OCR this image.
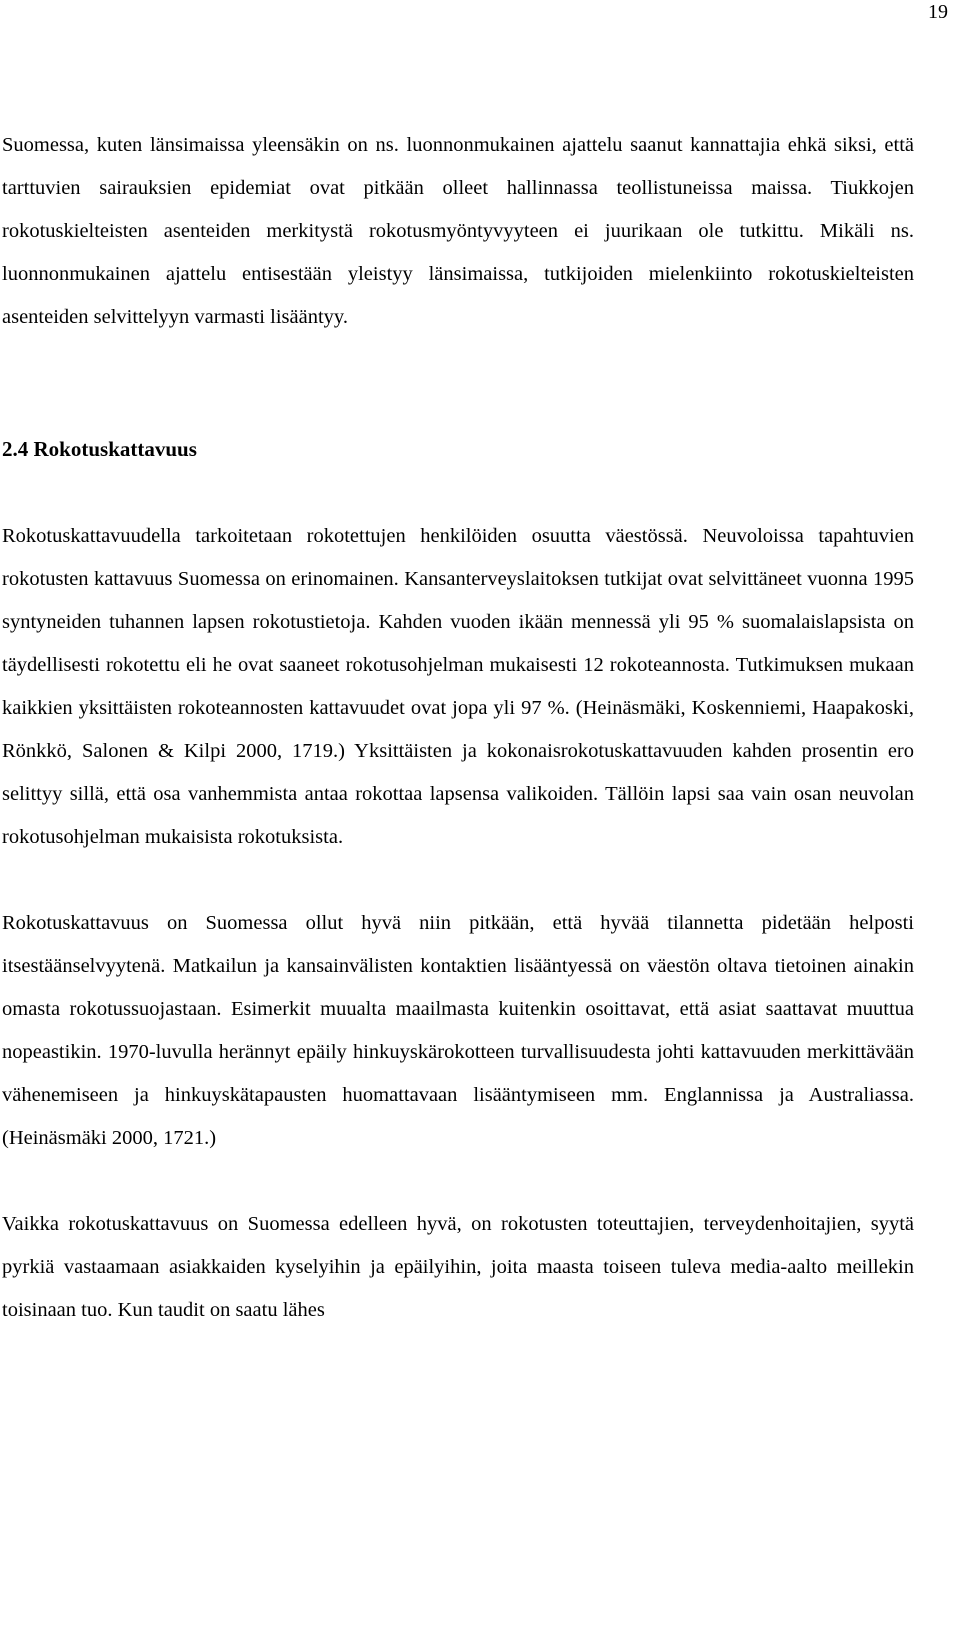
19

Suomessa, kuten länsimaissa yleensäkin on ns. luonnonmukainen ajattelu saanut kannattajia ehkä siksi, että tarttuvien sairauksien epidemiat ovat pitkään olleet hallinnassa teollistuneissa maissa. Tiukkojen rokotuskielteisten asenteiden merkitystä rokotusmyöntyvyyteen ei juurikaan ole tutkittu. Mikäli ns. luonnonmukainen ajattelu entisestään yleistyy länsimaissa, tutkijoiden mielenkiinto rokotuskielteisten asenteiden selvittelyyn varmasti lisääntyy.

2.4 Rokotuskattavuus

Rokotuskattavuudella tarkoitetaan rokotettujen henkilöiden osuutta väestössä. Neuvoloissa tapahtuvien rokotusten kattavuus Suomessa on erinomainen. Kansanterveyslaitoksen tutkijat ovat selvittäneet vuonna 1995 syntyneiden tuhannen lapsen rokotustietoja. Kahden vuoden ikään mennessä yli 95 % suomalaislapsista on täydellisesti rokotettu eli he ovat saaneet rokotusohjelman mukaisesti 12 rokoteannosta. Tutkimuksen mukaan kaikkien yksittäisten rokoteannosten kattavuudet ovat jopa yli 97 %. (Heinäsmäki, Koskenniemi, Haapakoski, Rönkkö, Salonen & Kilpi 2000, 1719.) Yksittäisten ja kokonaisrokotuskattavuuden kahden prosentin ero selittyy sillä, että osa vanhemmista antaa rokottaa lapsensa valikoiden. Tällöin lapsi saa vain osan neuvolan rokotusohjelman mukaisista rokotuksista.

Rokotuskattavuus on Suomessa ollut hyvä niin pitkään, että hyvää tilannetta pidetään helposti itsestäänselvyytenä. Matkailun ja kansainvälisten kontaktien lisääntyessä on väestön oltava tietoinen ainakin omasta rokotussuojastaan. Esimerkit muualta maailmasta kuitenkin osoittavat, että asiat saattavat muuttua nopeastikin. 1970-luvulla herännyt epäily hinkuyskärokotteen turvallisuudesta johti kattavuuden merkittävään vähenemiseen ja hinkuyskätapausten huomattavaan lisääntymiseen mm. Englannissa ja Australiassa. (Heinäsmäki 2000, 1721.)

Vaikka rokotuskattavuus on Suomessa edelleen hyvä, on rokotusten toteuttajien, terveydenhoitajien, syytä pyrkiä vastaamaan asiakkaiden kyselyihin ja epäilyihin, joita maasta toiseen tuleva media-aalto meillekin toisinaan tuo. Kun taudit on saatu lähes
